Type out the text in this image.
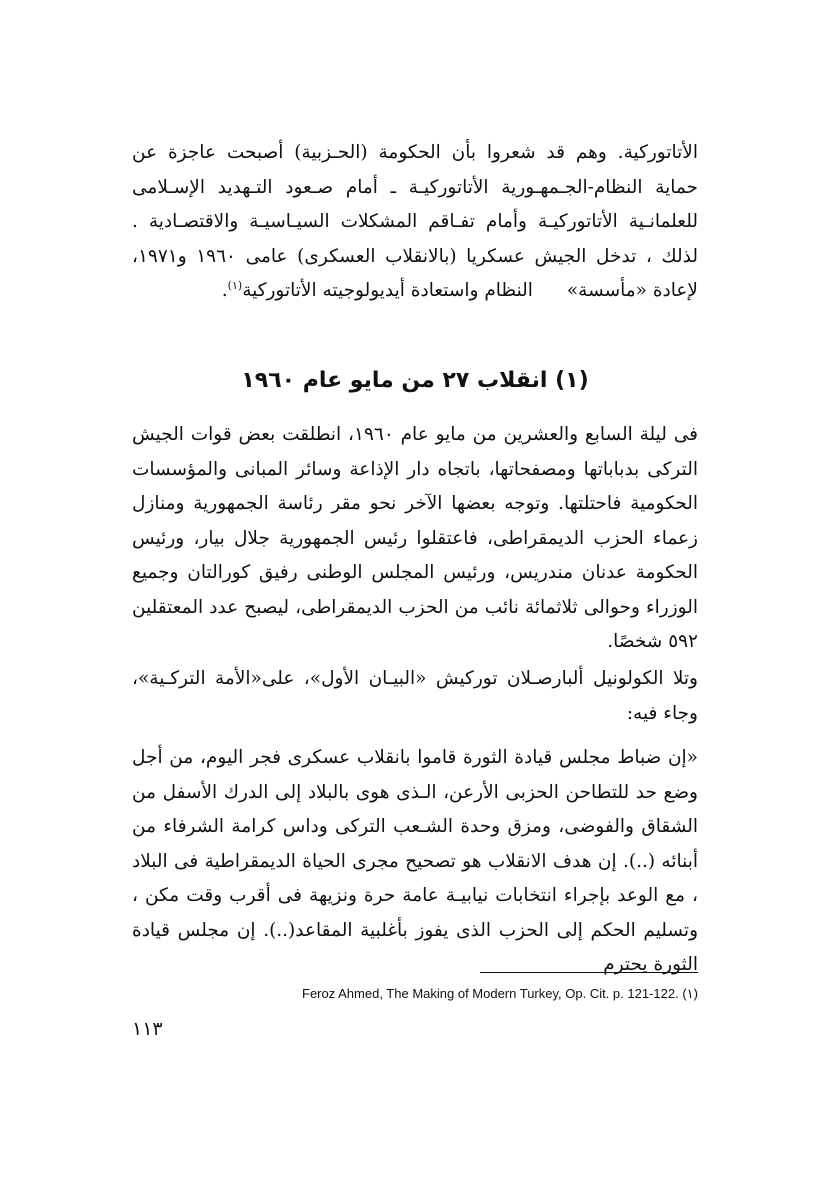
الأتاتوركية. وهم قد شعروا بأن الحكومة (الحـزبية) أصبحت عاجزة عن حماية النظام-الجـمهـورية الأتاتوركيـة ـ أمام صـعود التـهديد الإسـلامى للعلمانـية الأتاتوركيـة وأمام تفـاقم المشكلات السيـاسيـة والاقتصـادية . لذلك ، تدخل الجيش عسكريا (بالانقلاب العسكرى) عامى ١٩٦٠ و١٩٧١، لإعادة «مأسسة» النظام واستعادة أيديولوجيته الأتاتوركية$^{(١)}$.

(١) انقلاب ٢٧ من مايو عام ١٩٦٠

فى ليلة السابع والعشرين من مايو عام ١٩٦٠، انطلقت بعض قوات الجيش التركى بدباباتها ومصفحاتها، باتجاه دار الإذاعة وسائر المبانى والمؤسسات الحكومية فاحتلتها. وتوجه بعضها الآخر نحو مقر رئاسة الجمهورية ومنازل زعماء الحزب الديمقراطى، فاعتقلوا رئيس الجمهورية جلال بيار، ورئيس الحكومة عدنان مندريس، ورئيس المجلس الوطنى رفيق كورالتان وجميع الوزراء وحوالى ثلاثمائة نائب من الحزب الديمقراطى، ليصبح عدد المعتقلين ٥٩٢ شخصًا.

وتلا الكولونيل ألبارصـلان توركيش «البيـان الأول»، على«الأمة التركـية»، وجاء فيه:

«إن ضباط مجلس قيادة الثورة قاموا بانقلاب عسكرى فجر اليوم، من أجل وضع حد للتطاحن الحزبى الأرعن، الـذى هوى بالبلاد إلى الدرك الأسفل من الشقاق والفوضى، ومزق وحدة الشـعب التركى وداس كرامة الشرفاء من أبنائه (..). إن هدف الانقلاب هو تصحيح مجرى الحياة الديمقراطية فى البلاد ، مع الوعد بإجراء انتخابات نيابيـة عامة حرة ونزيهة فى أقرب وقت مكن ، وتسليم الحكم إلى الحزب الذى يفوز بأغلبية المقاعد(..). إن مجلس قيادة الثورة يحترم

Feroz Ahmed, The Making of Modern Turkey, Op. Cit. p. 121-122. (١)
١١٣
